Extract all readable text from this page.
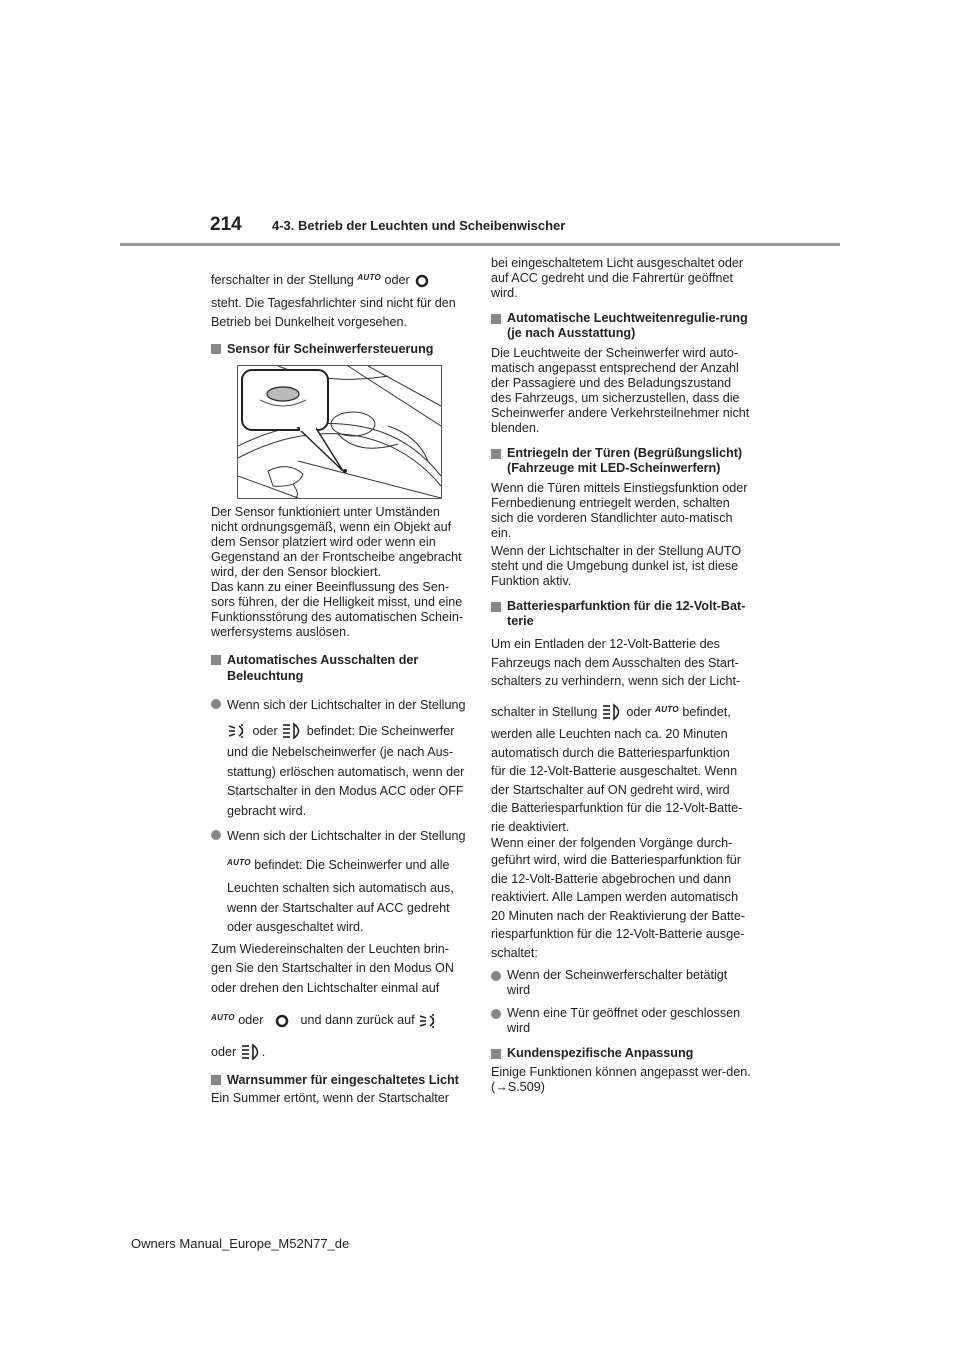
214 4-3. Betrieb der Leuchten und Scheibenwischer

ferschalter in der Stellung $^{AUTO}$ oder

steht. Die Tagesfahrlichter sind nicht für den

Betrieb bei Dunkelheit vorgesehen.

Sensor für Scheinwerfersteuerung

Der Sensor funktioniert unter Umständen nicht ordnungsgemäß, wenn ein Objekt auf dem Sensor platziert wird oder wenn ein Gegenstand an der Frontscheibe angebracht wird, der den Sensor blockiert.

Das kann zu einer Beeinflussung des Sen-sors führen, der die Helligkeit misst, und eine Funktionsstörung des automatischen Schein-werfersystems auslösen.

Automatisches Ausschalten der Beleuchtung

Wenn sich der Lichtschalter in der Stellung

oder befindet: Die Scheinwerfer

und die Nebelscheinwerfer (je nach Aus-

stattung) erlöschen automatisch, wenn der

Startschalter in den Modus ACC oder OFF

gebracht wird.

Wenn sich der Lichtschalter in der Stellung

$^{AUTO}$ befindet: Die Scheinwerfer und alle

Leuchten schalten sich automatisch aus,

wenn der Startschalter auf ACC gedreht

oder ausgeschaltet wird.

Zum Wiedereinschalten der Leuchten brin-

gen Sie den Startschalter in den Modus ON

oder drehen den Lichtschalter einmal auf

$^{AUTO}$ oder	und dann zurück auf

oder .

Warnsummer für eingeschaltetes Licht

Ein Summer ertönt, wenn der Startschalter

bei eingeschaltetem Licht ausgeschaltet oder auf ACC gedreht und die Fahrertür geöffnet wird.

Automatische Leuchtweitenregulie-rung (je nach Ausstattung)

Die Leuchtweite der Scheinwerfer wird auto-matisch angepasst entsprechend der Anzahl der Passagiere und des Beladungszustand des Fahrzeugs, um sicherzustellen, dass die Scheinwerfer andere Verkehrsteilnehmer nicht blenden.

Entriegeln der Türen (Begrüßungslicht) (Fahrzeuge mit LED-Scheinwerfern)

Wenn die Türen mittels Einstiegsfunktion oder Fernbedienung entriegelt werden, schalten sich die vorderen Standlichter auto-matisch ein.

Wenn der Lichtschalter in der Stellung AUTO steht und die Umgebung dunkel ist, ist diese Funktion aktiv.

Batteriesparfunktion für die 12-Volt-Bat-terie

Um ein Entladen der 12-Volt-Batterie des

Fahrzeugs nach dem Ausschalten des Start-

schalters zu verhindern, wenn sich der Licht-

schalter in Stellung oder $^{AUTO}$ befindet,

werden alle Leuchten nach ca. 20 Minuten

automatisch durch die Batteriesparfunktion

für die 12-Volt-Batterie ausgeschaltet. Wenn

der Startschalter auf ON gedreht wird, wird

die Batteriesparfunktion für die 12-Volt-Batte-

rie deaktiviert.

Wenn einer der folgenden Vorgänge durch-

geführt wird, wird die Batteriesparfunktion für

die 12-Volt-Batterie abgebrochen und dann

reaktiviert. Alle Lampen werden automatisch

20 Minuten nach der Reaktivierung der Batte-

riesparfunktion für die 12-Volt-Batterie ausge-

schaltet:

Wenn der Scheinwerferschalter betätigt wird

Wenn eine Tür geöffnet oder geschlossen wird

Kundenspezifische Anpassung

Einige Funktionen können angepasst wer-den. (→S.509)

Owners Manual_Europe_M52N77_de
